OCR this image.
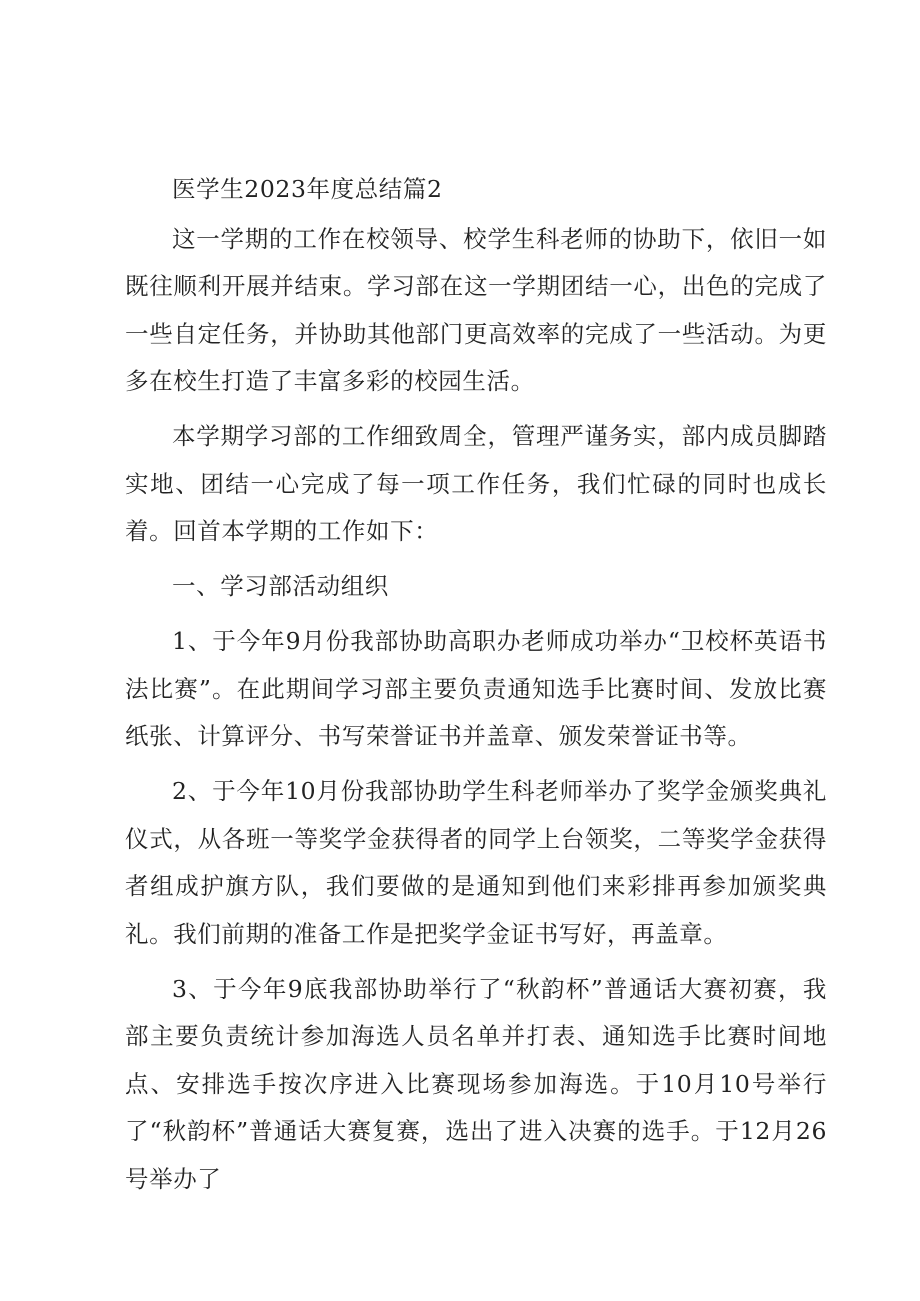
医学生2023年度总结篇2

这一学期的工作在校领导、校学生科老师的协助下，依旧一如既往顺利开展并结束。学习部在这一学期团结一心，出色的完成了一些自定任务，并协助其他部门更高效率的完成了一些活动。为更多在校生打造了丰富多彩的校园生活。

本学期学习部的工作细致周全，管理严谨务实，部内成员脚踏实地、团结一心完成了每一项工作任务，我们忙碌的同时也成长着。回首本学期的工作如下：

一、学习部活动组织

1、于今年9月份我部协助高职办老师成功举办“卫校杯英语书法比赛”。在此期间学习部主要负责通知选手比赛时间、发放比赛纸张、计算评分、书写荣誉证书并盖章、颁发荣誉证书等。

2、于今年10月份我部协助学生科老师举办了奖学金颁奖典礼仪式，从各班一等奖学金获得者的同学上台领奖，二等奖学金获得者组成护旗方队，我们要做的是通知到他们来彩排再参加颁奖典礼。我们前期的准备工作是把奖学金证书写好，再盖章。

3、于今年9底我部协助举行了“秋韵杯”普通话大赛初赛，我部主要负责统计参加海选人员名单并打表、通知选手比赛时间地点、安排选手按次序进入比赛现场参加海选。于10月10号举行了“秋韵杯”普通话大赛复赛，选出了进入决赛的选手。于12月26号举办了
